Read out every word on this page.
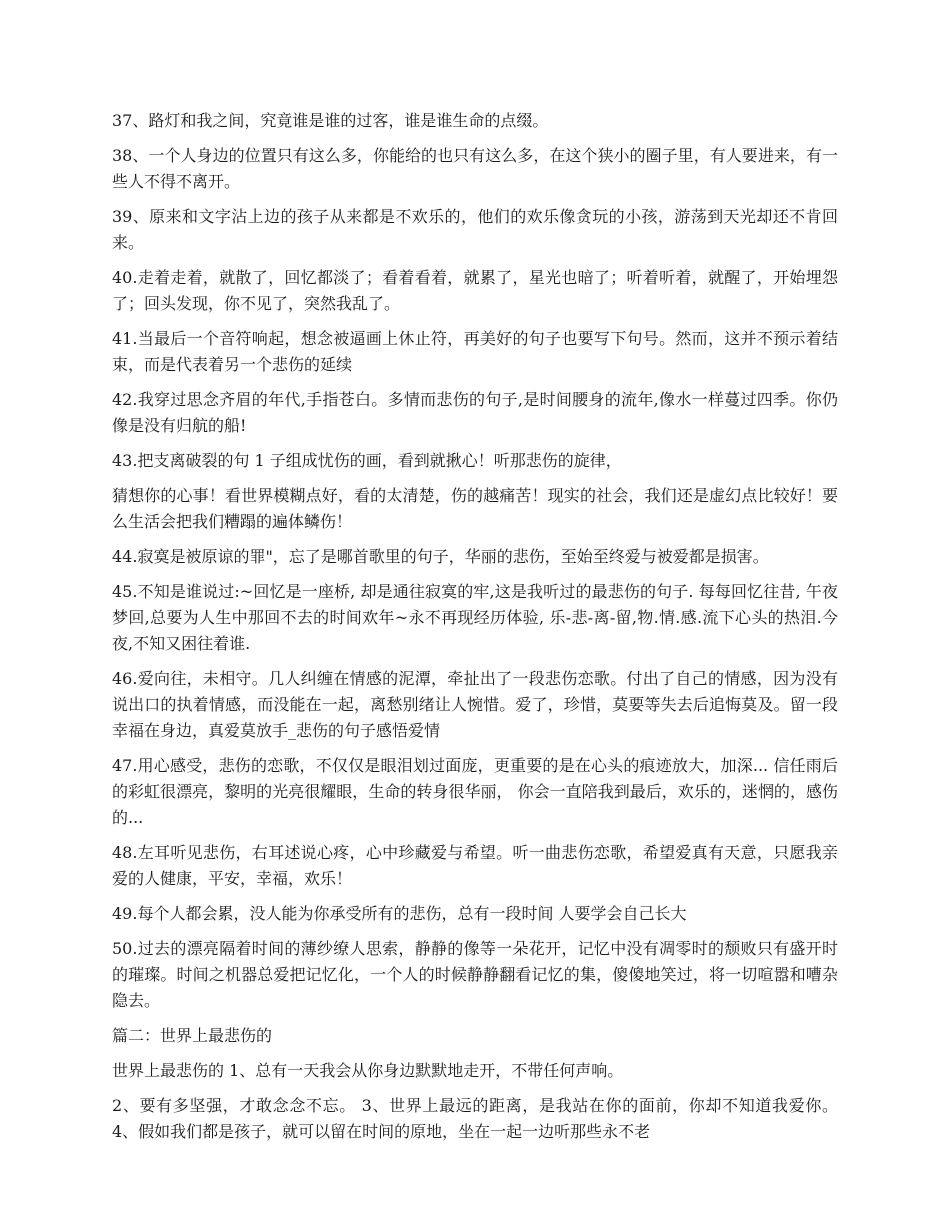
37、路灯和我之间，究竟谁是谁的过客，谁是谁生命的点缀。

38、一个人身边的位置只有这么多，你能给的也只有这么多，在这个狭小的圈子里，有人要进来，有一些人不得不离开。

39、原来和文字沾上边的孩子从来都是不欢乐的，他们的欢乐像贪玩的小孩，游荡到天光却还不肯回来。

40.走着走着，就散了，回忆都淡了；看着看着，就累了，星光也暗了；听着听着，就醒了，开始埋怨了；回头发现，你不见了，突然我乱了。

41.当最后一个音符响起，想念被逼画上休止符，再美好的句子也要写下句号。然而，这并不预示着结束，而是代表着另一个悲伤的延续

42.我穿过思念齐眉的年代,手指苍白。多情而悲伤的句子,是时间腰身的流年,像水一样蔓过四季。你仍像是没有归航的船!

43.把支离破裂的句 1 子组成忧伤的画，看到就揪心！听那悲伤的旋律，

猜想你的心事！看世界模糊点好，看的太清楚，伤的越痛苦！现实的社会，我们还是虚幻点比较好！要么生活会把我们糟蹋的遍体鳞伤！

44.寂寞是被原谅的罪"，忘了是哪首歌里的句子，华丽的悲伤，至始至终爱与被爱都是损害。

45.不知是谁说过:~回忆是一座桥, 却是通往寂寞的牢,这是我听过的最悲伤的句子. 每每回忆往昔, 午夜梦回,总要为人生中那回不去的时间欢年~永不再现经历体验, 乐-悲-离-留,物.情.感.流下心头的热泪.今夜,不知又困往着谁.

46.爱向往，未相守。几人纠缠在情感的泥潭，牵扯出了一段悲伤恋歌。付出了自己的情感，因为没有说出口的执着情感，而没能在一起，离愁别绪让人惋惜。爱了，珍惜，莫要等失去后追悔莫及。留一段幸福在身边，真爱莫放手_悲伤的句子感悟爱情

47.用心感受，悲伤的恋歌，不仅仅是眼泪划过面庞，更重要的是在心头的痕迹放大，加深... 信任雨后的彩虹很漂亮，黎明的光亮很耀眼，生命的转身很华丽， 你会一直陪我到最后，欢乐的，迷惘的，感伤的...

48.左耳听见悲伤，右耳述说心疼，心中珍藏爱与希望。听一曲悲伤恋歌，希望爱真有天意，只愿我亲爱的人健康，平安，幸福，欢乐！

49.每个人都会累，没人能为你承受所有的悲伤，总有一段时间 人要学会自己长大

50.过去的漂亮隔着时间的薄纱缭人思索，静静的像等一朵花开，记忆中没有凋零时的颓败只有盛开时的璀璨。时间之机器总爱把记忆化，一个人的时候静静翻看记忆的集，傻傻地笑过，将一切喧嚣和嘈杂隐去。

篇二：世界上最悲伤的

世界上最悲伤的 1、总有一天我会从你身边默默地走开，不带任何声响。

2、要有多坚强，才敢念念不忘。 3、世界上最远的距离，是我站在你的面前，你却不知道我爱你。 4、假如我们都是孩子，就可以留在时间的原地，坐在一起一边听那些永不老
